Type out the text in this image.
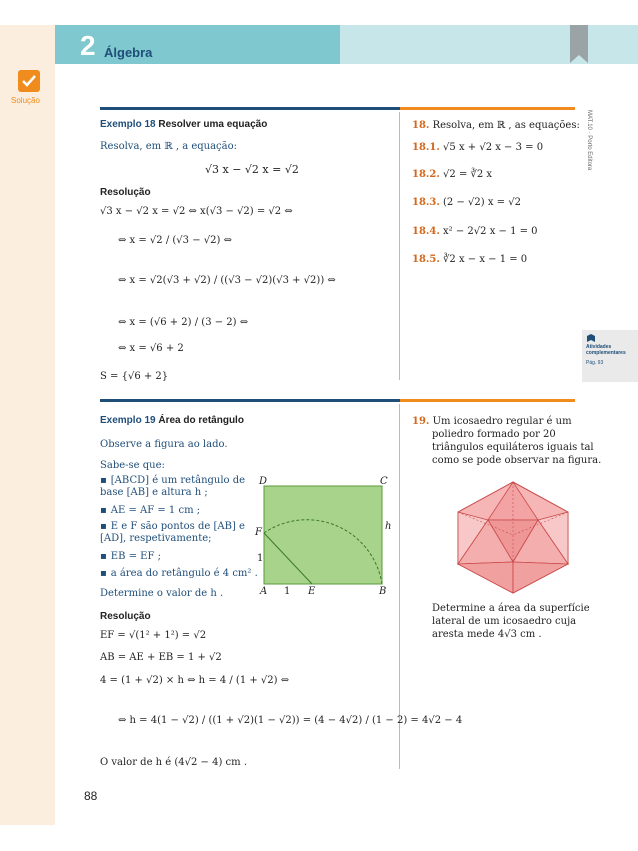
2 Álgebra
Solução
MAT.10 · Porto Editora
Exemplo 18 Resolver uma equação
Resolva, em ℝ , a equação:
√3 x − √2 x = √2
Resolução
√3 x − √2 x = √2 ⇔ x(√3 − √2) = √2 ⇔
⇔ x = √2 / (√3 − √2) ⇔
⇔ x = √2(√3 + √2) / ((√3 − √2)(√3 + √2)) ⇔
⇔ x = (√6 + 2) / (3 − 2) ⇔
⇔ x = √6 + 2
S = {√6 + 2}
18. Resolva, em ℝ , as equações:
18.1. √5 x + √2 x − 3 = 0
18.2. √2 = ∛2 x
18.3. (2 − √2) x = √2
18.4. x² − 2√2 x − 1 = 0
18.5. ∛2 x − x − 1 = 0
Atividades
complementares
Pág. 93
Exemplo 19 Área do retângulo
Observe a figura ao lado.
Sabe-se que:
▪ [ABCD] é um retângulo de base [AB] e altura h ;
▪ AE = AF = 1 cm ;
▪ E e F são pontos de [AB] e [AD], respetivamente;
▪ EB = EF ;
▪ a área do retângulo é 4 cm² .
Determine o valor de h .
Resolução
EF = √(1² + 1²) = √2
AB = AE + EB = 1 + √2
4 = (1 + √2) × h ⇔ h = 4 / (1 + √2) ⇔
⇔ h = 4(1 − √2) / ((1 + √2)(1 − √2)) = (4 − 4√2) / (1 − 2) = 4√2 − 4
O valor de h é (4√2 − 4) cm .
D	C
F
h
1
A 1 E	B
19. Um icosaedro regular é um
poliedro formado por 20
triângulos equiláteros iguais tal
como se pode observar na figura.
Determine a área da superfície
lateral de um icosaedro cuja
aresta mede 4√3 cm .
88
